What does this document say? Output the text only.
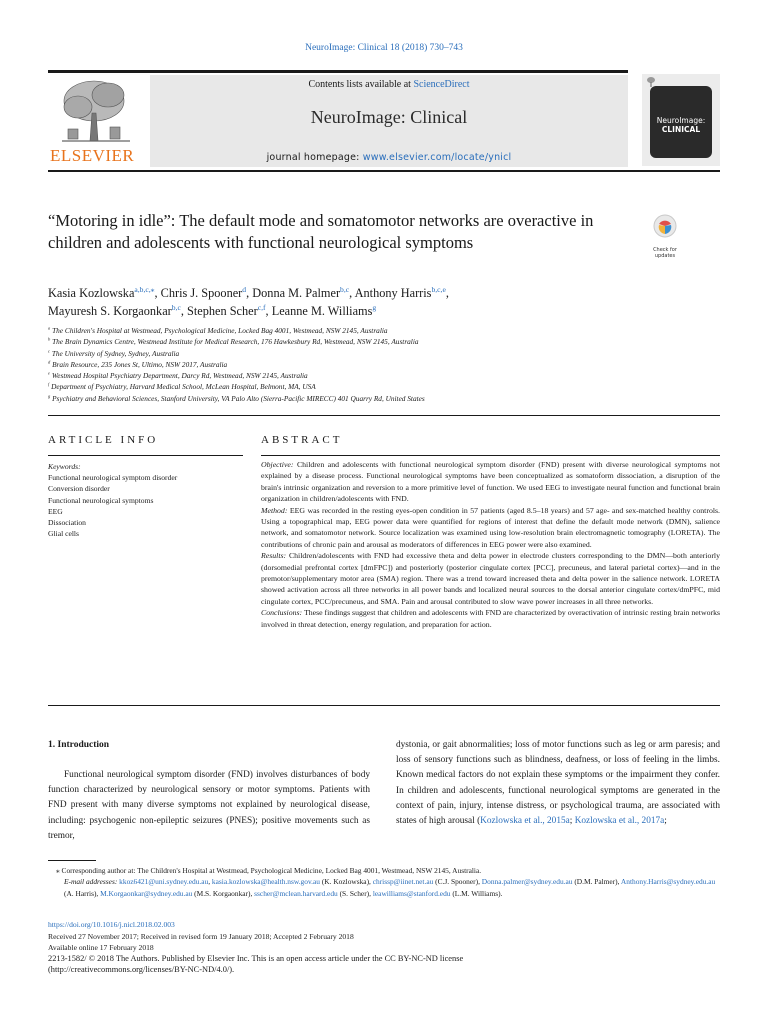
NeuroImage: Clinical 18 (2018) 730–743
ELSEVIER
Contents lists available at ScienceDirect
NeuroImage: Clinical
journal homepage: www.elsevier.com/locate/ynicl
NeuroImage:
CLINICAL
“Motoring in idle”: The default mode and somatomotor networks are overactive in children and adolescents with functional neurological symptoms	Check for
updates
Kasia Kozlowska$^{a,b,c,⁎}$, Chris J. Spooner$^d$, Donna M. Palmer$^{b,c}$, Anthony Harris$^{b,c,e}$,
Mayuresh S. Korgaonkar$^{b,c}$, Stephen Scher$^{c,f}$, Leanne M. Williams$^g$
$^a$ The Children's Hospital at Westmead, Psychological Medicine, Locked Bag 4001, Westmead, NSW 2145, Australia
$^b$ The Brain Dynamics Centre, Westmead Institute for Medical Research, 176 Hawkesbury Rd, Westmead, NSW 2145, Australia
$^c$ The University of Sydney, Sydney, Australia
$^d$ Brain Resource, 235 Jones St, Ultimo, NSW 2017, Australia
$^e$ Westmead Hospital Psychiatry Department, Darcy Rd, Westmead, NSW 2145, Australia
$^f$ Department of Psychiatry, Harvard Medical School, McLean Hospital, Belmont, MA, USA
$^g$ Psychiatry and Behavioral Sciences, Stanford University, VA Palo Alto (Sierra-Pacific MIRECC) 401 Quarry Rd, United States
ARTICLE INFO	ABSTRACT
Keywords:
Functional neurological symptom disorder
Conversion disorder
Functional neurological symptoms
EEG
Dissociation
Glial cells

Objective: Children and adolescents with functional neurological symptom disorder (FND) present with diverse neurological symptoms not explained by a disease process. Functional neurological symptoms have been conceptualized as somatoform dissociation, a disruption of the brain's intrinsic organization and reversion to a more primitive level of function. We used EEG to investigate neural function and functional brain organization in children/adolescents with FND.

Method: EEG was recorded in the resting eyes-open condition in 57 patients (aged 8.5–18 years) and 57 age- and sex-matched healthy controls. Using a topographical map, EEG power data were quantified for regions of interest that define the default mode network (DMN), salience network, and somatomotor network. Source localization was examined using low-resolution brain electromagnetic tomography (LORETA). The contributions of chronic pain and arousal as moderators of differences in EEG power were also examined.

Results: Children/adolescents with FND had excessive theta and delta power in electrode clusters corresponding to the DMN—both anteriorly (dorsomedial prefrontal cortex [dmFPC]) and posteriorly (posterior cingulate cortex [PCC], precuneus, and lateral parietal cortex)—and in the premotor/supplementary motor area (SMA) region. There was a trend toward increased theta and delta power in the salience network. LORETA showed activation across all three networks in all power bands and localized neural sources to the dorsal anterior cingulate cortex/dmPFC, mid cingulate cortex, PCC/precuneus, and SMA. Pain and arousal contributed to slow wave power increases in all three networks.

Conclusions: These findings suggest that children and adolescents with FND are characterized by overactivation of intrinsic resting brain networks involved in threat detection, energy regulation, and preparation for action.

1. Introduction
Functional neurological symptom disorder (FND) involves disturbances of body function characterized by neurological sensory or motor symptoms. Patients with FND present with many diverse symptoms not explained by neurological disease, including: psychogenic non-epileptic seizures (PNES); positive movements such as tremor,
dystonia, or gait abnormalities; loss of motor functions such as leg or arm paresis; and loss of sensory functions such as blindness, deafness, or loss of feeling in the limbs. Known medical factors do not explain these symptoms or the impairment they confer. In children and adolescents, functional neurological symptoms are generated in the context of pain, injury, intense distress, or psychological trauma, are associated with states of high arousal (Kozlowska et al., 2015a; Kozlowska et al., 2017a;
⁎ Corresponding author at: The Children's Hospital at Westmead, Psychological Medicine, Locked Bag 4001, Westmead, NSW 2145, Australia.
E-mail addresses: kkoz6421@uni.sydney.edu.au, kasia.kozlowska@health.nsw.gov.au (K. Kozlowska), chrissp@iinet.net.au (C.J. Spooner), Donna.palmer@sydney.edu.au (D.M. Palmer), Anthony.Harris@sydney.edu.au (A. Harris), M.Korgaonkar@sydney.edu.au (M.S. Korgaonkar), sscher@mclean.harvard.edu (S. Scher), leawilliams@stanford.edu (L.M. Williams).
https://doi.org/10.1016/j.nicl.2018.02.003
Received 27 November 2017; Received in revised form 19 January 2018; Accepted 2 February 2018
Available online 17 February 2018
2213-1582/ © 2018 The Authors. Published by Elsevier Inc. This is an open access article under the CC BY-NC-ND license
(http://creativecommons.org/licenses/BY-NC-ND/4.0/).
